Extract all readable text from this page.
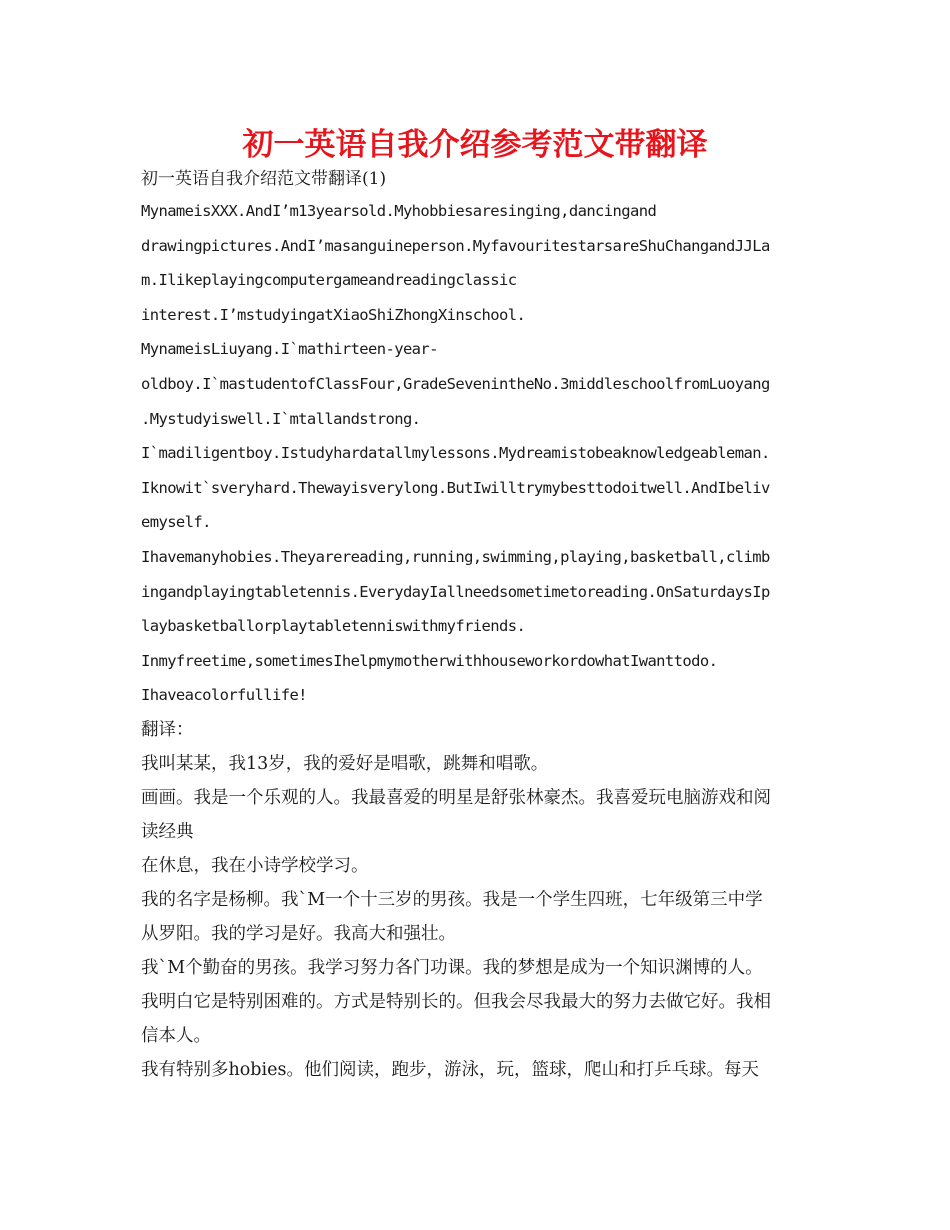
初一英语自我介绍参考范文带翻译

初一英语自我介绍范文带翻译(1)

MynameisXXX.AndI’m13yearsold.Myhobbiesaresinging,dancingand

drawingpictures.AndI’masanguineperson.MyfavouritestarsareShuChangandJJLa

m.Ilikeplayingcomputergameandreadingclassic

interest.I’mstudyingatXiaoShiZhongXinschool.

MynameisLiuyang.I`mathirteen-year-

oldboy.I`mastudentofClassFour,GradeSevenintheNo.3middleschoolfromLuoyang

.Mystudyiswell.I`mtallandstrong.

I`madiligentboy.Istudyhardatallmylessons.Mydreamistobeaknowledgeableman.

Iknowit`sveryhard.Thewayisverylong.ButIwilltrymybesttodoitwell.AndIbeliv

emyself.

Ihavemanyhobies.Theyarereading,running,swimming,playing,basketball,climb

ingandplayingtabletennis.EverydayIallneedsometimetoreading.OnSaturdaysIp

laybasketballorplaytabletenniswithmyfriends.

Inmyfreetime,sometimesIhelpmymotherwithhouseworkordowhatIwanttodo.

Ihaveacolorfullife!

翻译：

我叫某某，我13岁，我的爱好是唱歌，跳舞和唱歌。

画画。我是一个乐观的人。我最喜爱的明星是舒张林豪杰。我喜爱玩电脑游戏和阅

读经典

在休息，我在小诗学校学习。

我的名字是杨柳。我`M一个十三岁的男孩。我是一个学生四班，七年级第三中学

从罗阳。我的学习是好。我高大和强壮。

我`M个勤奋的男孩。我学习努力各门功课。我的梦想是成为一个知识渊博的人。

我明白它是特别困难的。方式是特别长的。但我会尽我最大的努力去做它好。我相

信本人。

我有特别多hobies。他们阅读，跑步，游泳，玩，篮球，爬山和打乒乓球。每天
